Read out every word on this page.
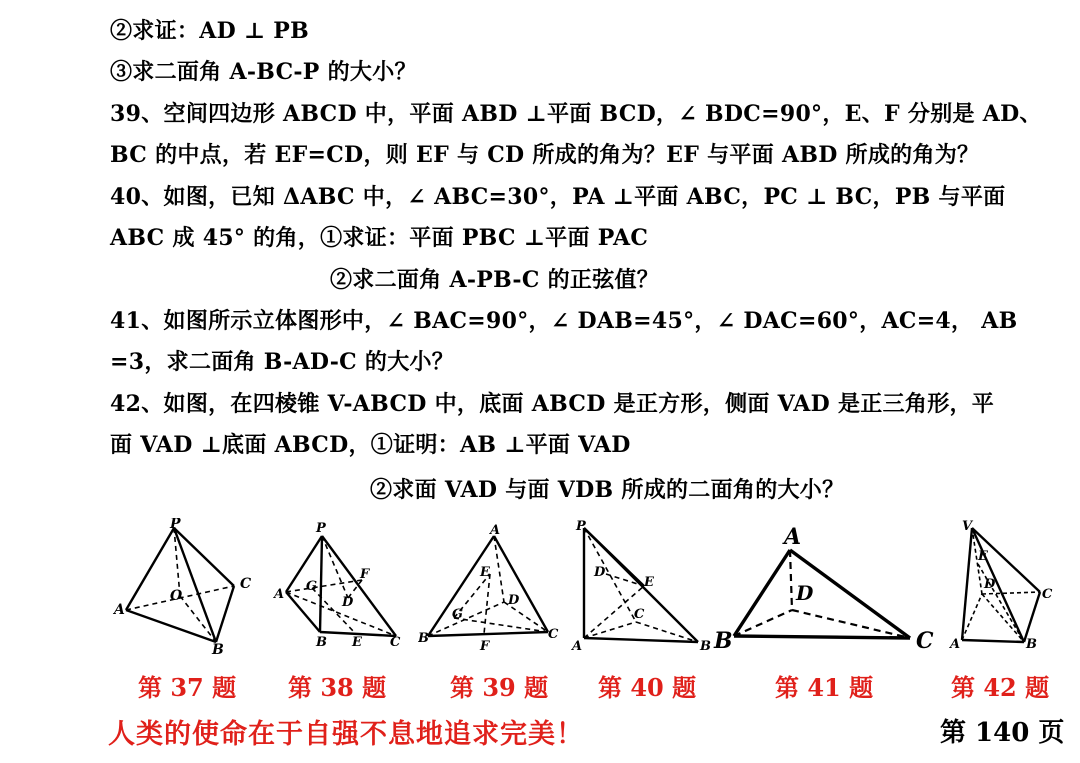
②求证：AD ⊥ PB
③求二面角 A-BC-P 的大小？
39、空间四边形 ABCD 中，平面 ABD ⊥平面 BCD，∠ BDC=90°，E、F 分别是 AD、
BC 的中点，若 EF=CD，则 EF 与 CD 所成的角为？EF 与平面 ABD 所成的角为？
40、如图，已知 ΔABC 中，∠ ABC=30°，PA ⊥平面 ABC，PC ⊥ BC，PB 与平面
ABC 成 45° 的角，①求证：平面 PBC ⊥平面 PAC
②求二面角 A-PB-C 的正弦值？
41、如图所示立体图形中，∠ BAC=90°，∠ DAB=45°，∠ DAC=60°，AC=4， AB
=3，求二面角 B-AD-C 的大小？
42、如图，在四棱锥 V-ABCD 中，底面 ABCD 是正方形，侧面 VAD 是正三角形，平
面 VAD ⊥底面 ABCD，①证明：AB ⊥平面 VAD
②求面 VAD 与面 VDB 所成的二面角的大小？
P
C
O
A
B
P
F
G
D
A
B E C
A
E
D
G
B
F
C
P
D
E
C
A	B
A
D
B	C
V
E
D
C
A	B
第 37 题 第 38 题	第 39 题 第 40 题	第 41 题	第 42 题
人类的使命在于自强不息地追求完美！	第 140 页
